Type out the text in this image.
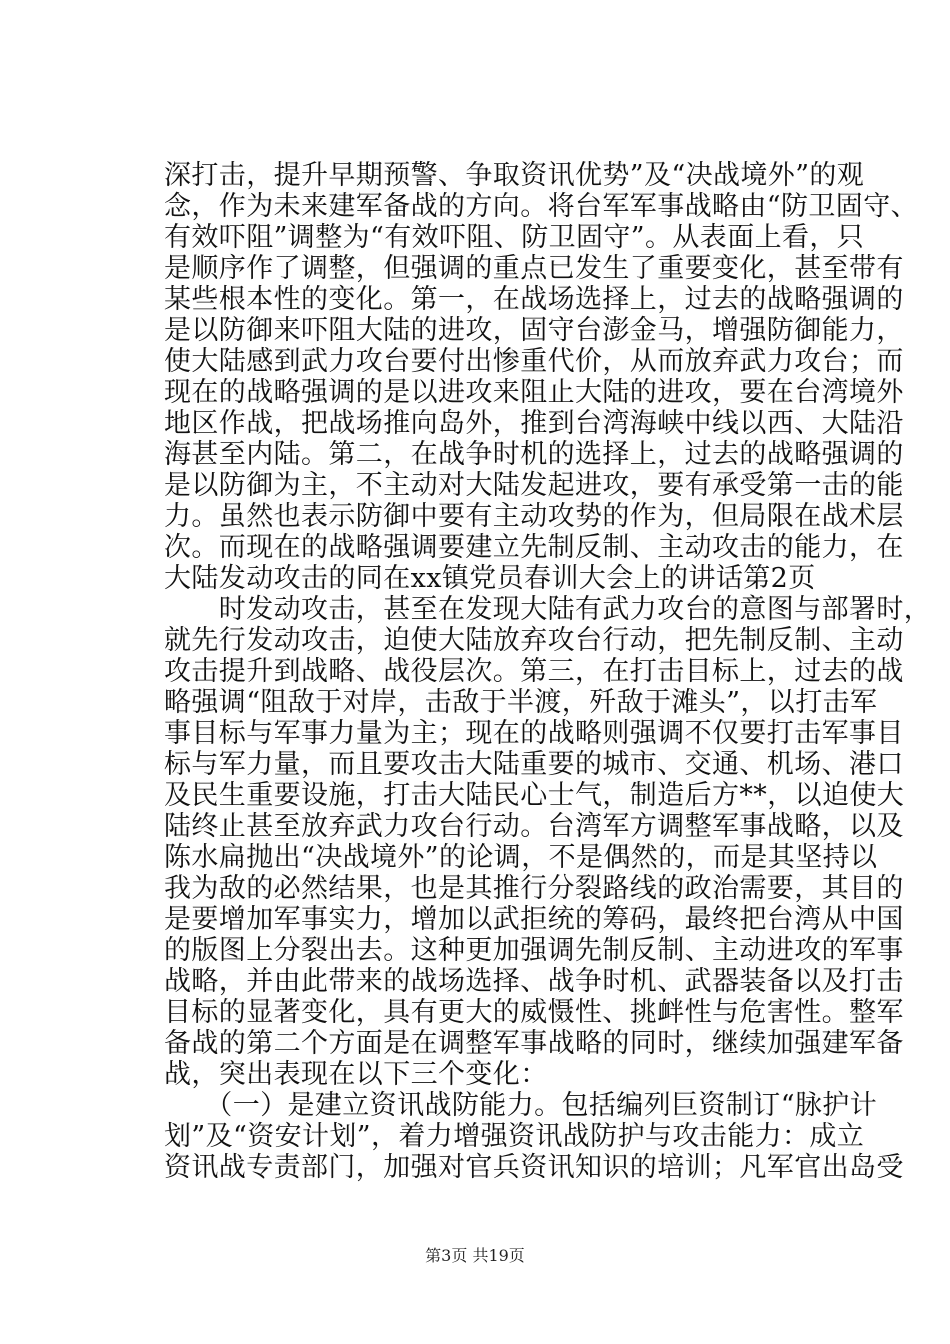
深打击，提升早期预警、争取资讯优势”及“决战境外”的观
念，作为未来建军备战的方向。将台军军事战略由“防卫固守、
有效吓阻”调整为“有效吓阻、防卫固守”。从表面上看，只
是顺序作了调整，但强调的重点已发生了重要变化，甚至带有
某些根本性的变化。第一，在战场选择上，过去的战略强调的
是以防御来吓阻大陆的进攻，固守台澎金马，增强防御能力，
使大陆感到武力攻台要付出惨重代价，从而放弃武力攻台；而
现在的战略强调的是以进攻来阻止大陆的进攻，要在台湾境外
地区作战，把战场推向岛外，推到台湾海峡中线以西、大陆沿
海甚至内陆。第二，在战争时机的选择上，过去的战略强调的
是以防御为主，不主动对大陆发起进攻，要有承受第一击的能
力。虽然也表示防御中要有主动攻势的作为，但局限在战术层
次。而现在的战略强调要建立先制反制、主动攻击的能力，在
大陆发动攻击的同在xx镇党员春训大会上的讲话第2页
　　时发动攻击，甚至在发现大陆有武力攻台的意图与部署时，
就先行发动攻击，迫使大陆放弃攻台行动，把先制反制、主动
攻击提升到战略、战役层次。第三，在打击目标上，过去的战
略强调“阻敌于对岸，击敌于半渡，歼敌于滩头”，以打击军
事目标与军事力量为主；现在的战略则强调不仅要打击军事目
标与军力量，而且要攻击大陆重要的城市、交通、机场、港口
及民生重要设施，打击大陆民心士气，制造后方**，以迫使大
陆终止甚至放弃武力攻台行动。台湾军方调整军事战略，以及
陈水扁抛出“决战境外”的论调，不是偶然的，而是其坚持以
我为敌的必然结果，也是其推行分裂路线的政治需要，其目的
是要增加军事实力，增加以武拒统的筹码，最终把台湾从中国
的版图上分裂出去。这种更加强调先制反制、主动进攻的军事
战略，并由此带来的战场选择、战争时机、武器装备以及打击
目标的显著变化，具有更大的威慑性、挑衅性与危害性。整军
备战的第二个方面是在调整军事战略的同时，继续加强建军备
战，突出表现在以下三个变化：
　　（一）是建立资讯战防能力。包括编列巨资制订“脉护计
划”及“资安计划”，着力增强资讯战防护与攻击能力：成立
资讯战专责部门，加强对官兵资讯知识的培训；凡军官出岛受
第3页 共19页
